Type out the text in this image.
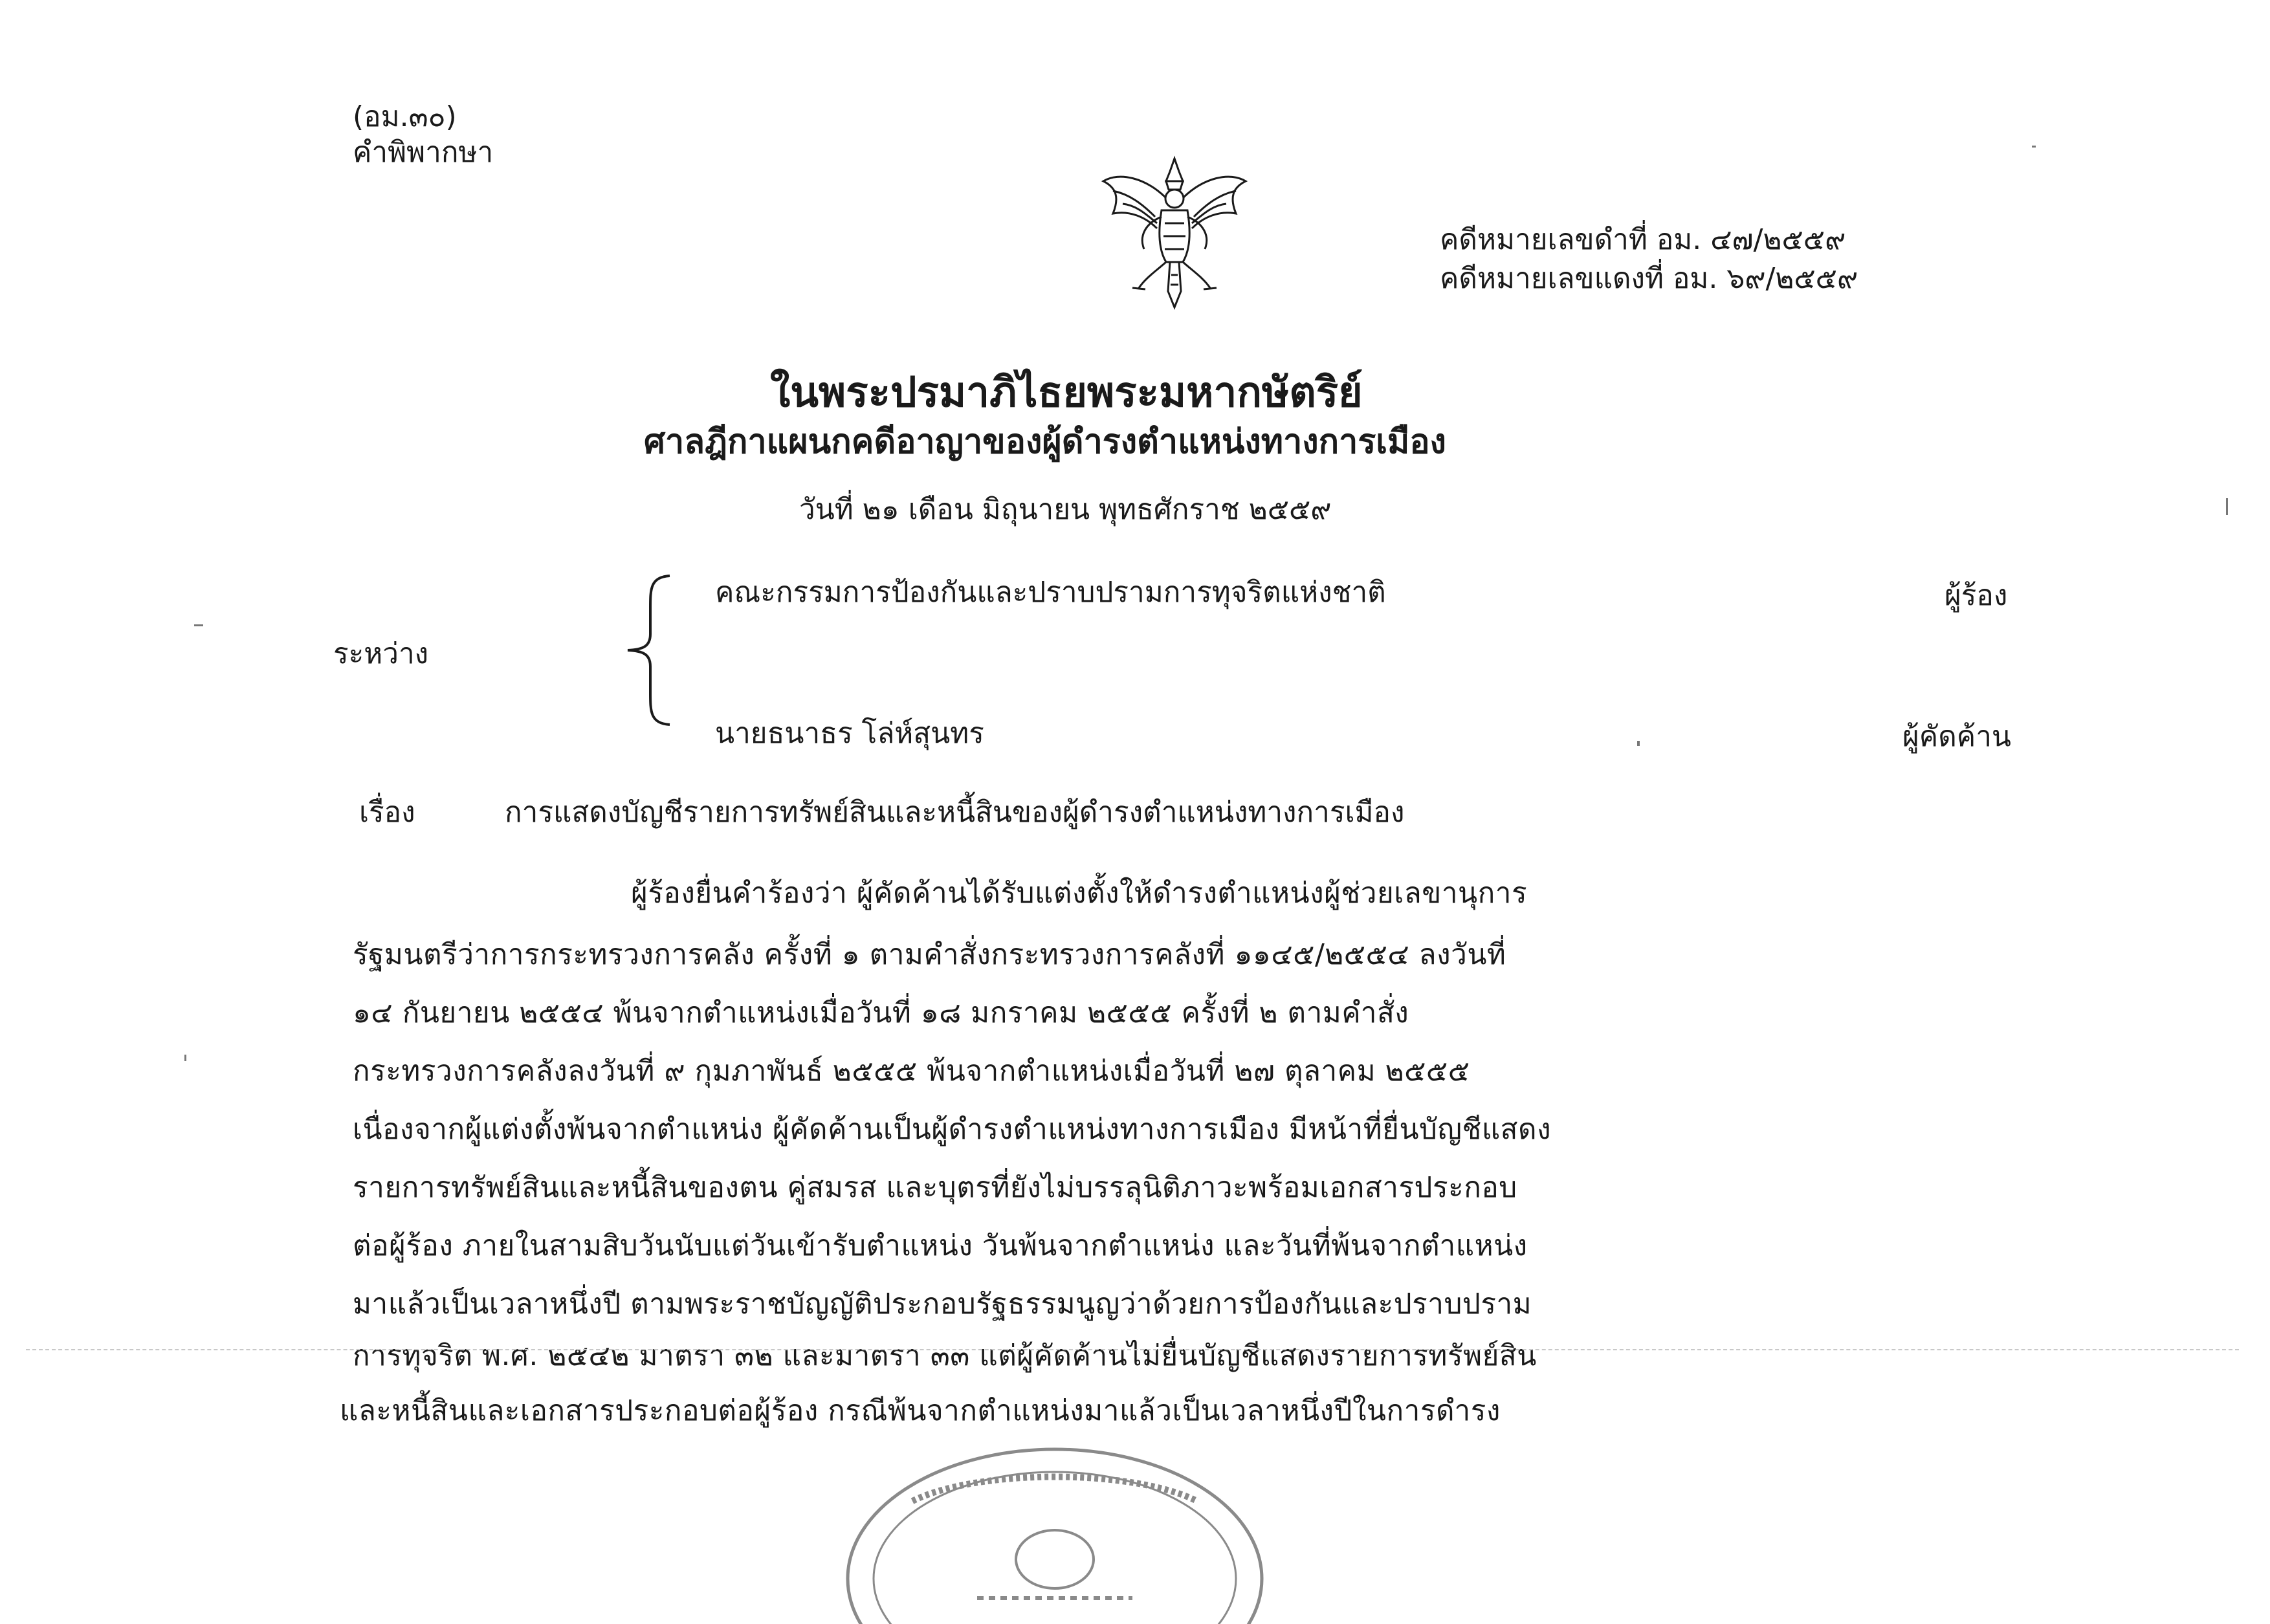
(อม.๓๐)
คำพิพากษา
คดีหมายเลขดำที่ อม. ๔๗/๒๕๕๙
คดีหมายเลขแดงที่ อม. ๖๙/๒๕๕๙
ในพระปรมาภิไธยพระมหากษัตริย์
ศาลฎีกาแผนกคดีอาญาของผู้ดำรงตำแหน่งทางการเมือง
วันที่ ๒๑ เดือน มิถุนายน พุทธศักราช ๒๕๕๙
ระหว่าง
คณะกรรมการป้องกันและปราบปรามการทุจริตแห่งชาติ	ผู้ร้อง
นายธนาธร โล่ห์สุนทร	ผู้คัดค้าน
เรื่อง	การแสดงบัญชีรายการทรัพย์สินและหนี้สินของผู้ดำรงตำแหน่งทางการเมือง
ผู้ร้องยื่นคำร้องว่า ผู้คัดค้านได้รับแต่งตั้งให้ดำรงตำแหน่งผู้ช่วยเลขานุการ
รัฐมนตรีว่าการกระทรวงการคลัง ครั้งที่ ๑ ตามคำสั่งกระทรวงการคลังที่ ๑๑๔๕/๒๕๕๔ ลงวันที่
๑๔ กันยายน ๒๕๕๔ พ้นจากตำแหน่งเมื่อวันที่ ๑๘ มกราคม ๒๕๕๕ ครั้งที่ ๒ ตามคำสั่ง
กระทรวงการคลังลงวันที่ ๙ กุมภาพันธ์ ๒๕๕๕ พ้นจากตำแหน่งเมื่อวันที่ ๒๗ ตุลาคม ๒๕๕๕
เนื่องจากผู้แต่งตั้งพ้นจากตำแหน่ง ผู้คัดค้านเป็นผู้ดำรงตำแหน่งทางการเมือง มีหน้าที่ยื่นบัญชีแสดง
รายการทรัพย์สินและหนี้สินของตน คู่สมรส และบุตรที่ยังไม่บรรลุนิติภาวะพร้อมเอกสารประกอบ
ต่อผู้ร้อง ภายในสามสิบวันนับแต่วันเข้ารับตำแหน่ง วันพ้นจากตำแหน่ง และวันที่พ้นจากตำแหน่ง
มาแล้วเป็นเวลาหนึ่งปี ตามพระราชบัญญัติประกอบรัฐธรรมนูญว่าด้วยการป้องกันและปราบปราม
การทุจริต พ.ศ. ๒๕๔๒ มาตรา ๓๒ และมาตรา ๓๓ แต่ผู้คัดค้านไม่ยื่นบัญชีแสดงรายการทรัพย์สิน
และหนี้สินและเอกสารประกอบต่อผู้ร้อง กรณีพ้นจากตำแหน่งมาแล้วเป็นเวลาหนึ่งปีในการดำรง
